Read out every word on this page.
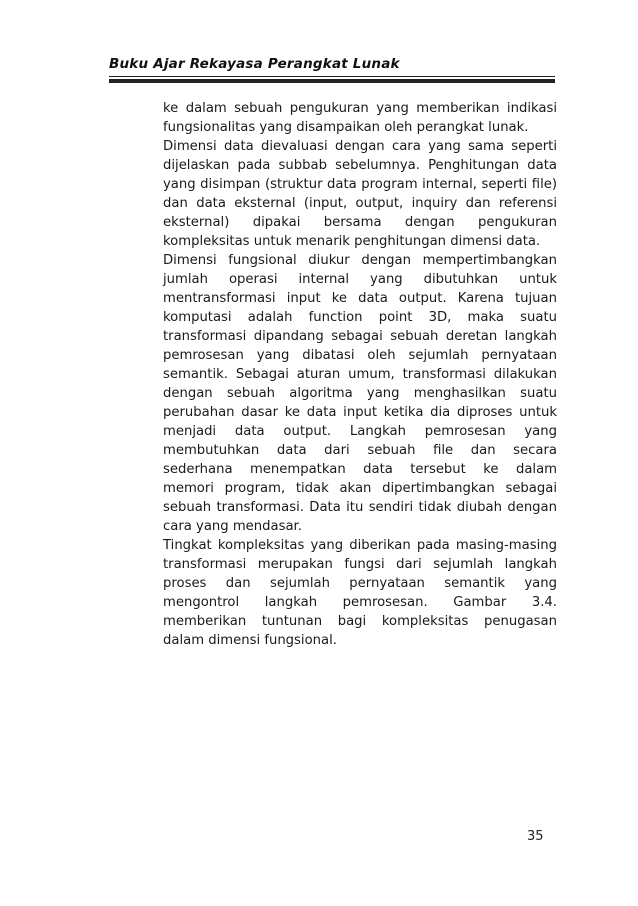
Buku Ajar Rekayasa Perangkat Lunak
ke dalam sebuah pengukuran yang memberikan indikasi
fungsionalitas yang disampaikan oleh perangkat lunak.
Dimensi data dievaluasi dengan cara yang sama seperti
dijelaskan pada subbab sebelumnya. Penghitungan data
yang disimpan (struktur data program internal, seperti file)
dan data eksternal (input, output, inquiry dan referensi
eksternal) dipakai bersama dengan pengukuran
kompleksitas untuk menarik penghitungan dimensi data.
Dimensi fungsional diukur dengan mempertimbangkan
jumlah operasi internal yang dibutuhkan untuk
mentransformasi input ke data output. Karena tujuan
komputasi adalah function point 3D, maka suatu
transformasi dipandang sebagai sebuah deretan langkah
pemrosesan yang dibatasi oleh sejumlah pernyataan
semantik. Sebagai aturan umum, transformasi dilakukan
dengan sebuah algoritma yang menghasilkan suatu
perubahan dasar ke data input ketika dia diproses untuk
menjadi data output. Langkah pemrosesan yang
membutuhkan data dari sebuah file dan secara
sederhana menempatkan data tersebut ke dalam
memori program, tidak akan dipertimbangkan sebagai
sebuah transformasi. Data itu sendiri tidak diubah dengan
cara yang mendasar.
Tingkat kompleksitas yang diberikan pada masing-masing
transformasi merupakan fungsi dari sejumlah langkah
proses dan sejumlah pernyataan semantik yang
mengontrol langkah pemrosesan. Gambar 3.4.
memberikan tuntunan bagi kompleksitas penugasan
dalam dimensi fungsional.
35
